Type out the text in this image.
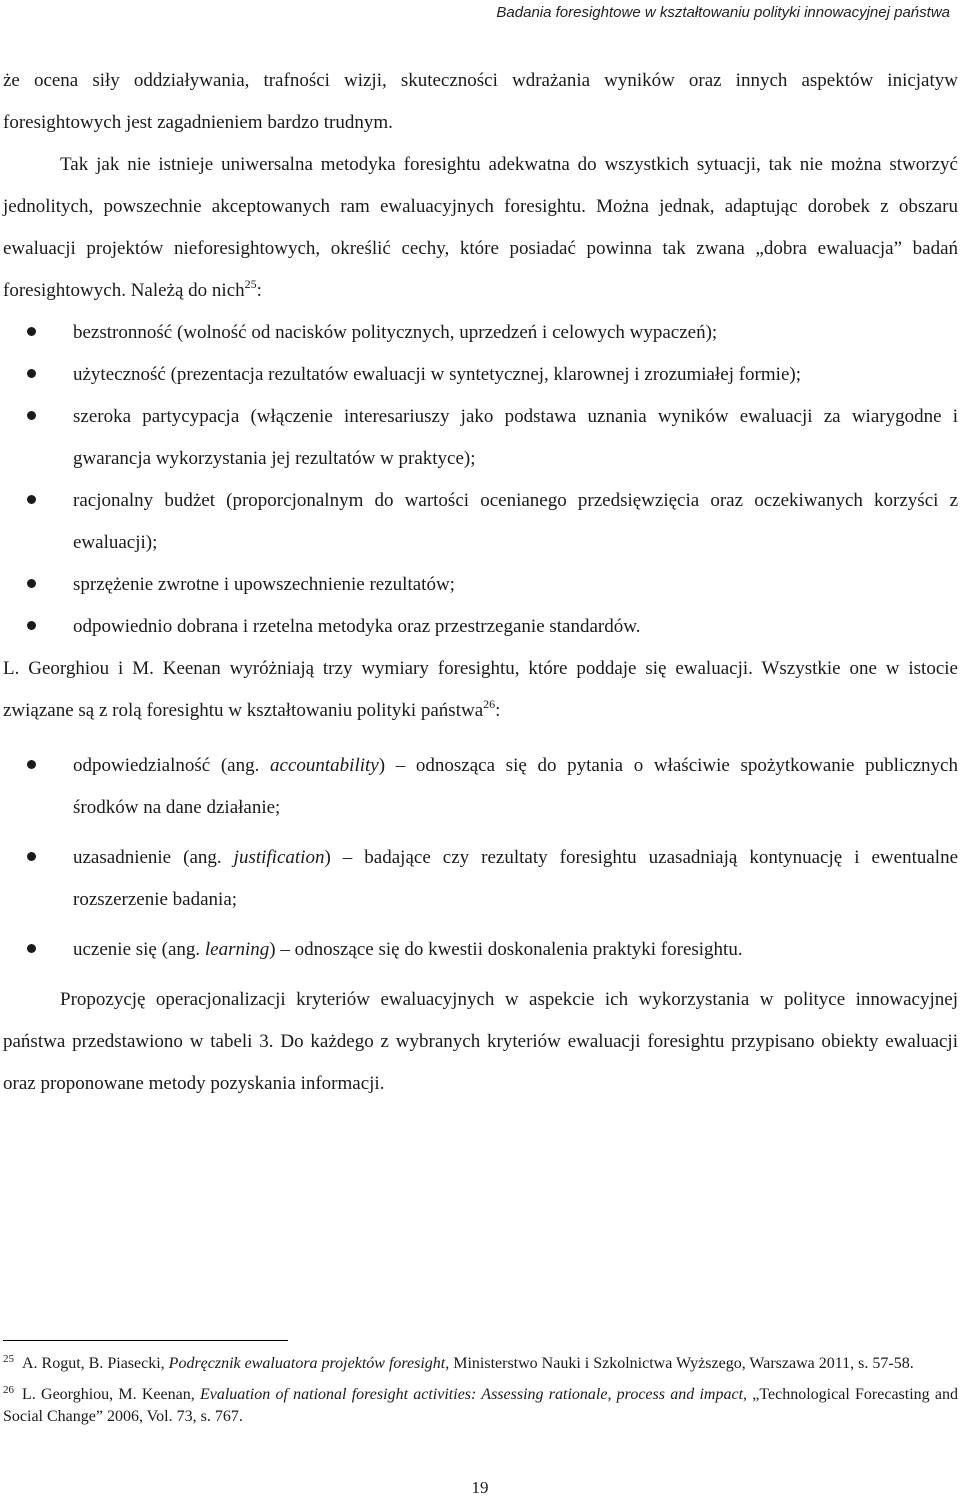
Badania foresightowe w kształtowaniu polityki innowacyjnej państwa

że ocena siły oddziaływania, trafności wizji, skuteczności wdrażania wyników oraz innych aspektów inicjatyw foresightowych jest zagadnieniem bardzo trudnym.

Tak jak nie istnieje uniwersalna metodyka foresightu adekwatna do wszystkich sytuacji, tak nie można stworzyć jednolitych, powszechnie akceptowanych ram ewaluacyjnych foresightu. Można jednak, adaptując dorobek z obszaru ewaluacji projektów nieforesightowych, określić cechy, które posiadać powinna tak zwana „dobra ewaluacja” badań foresightowych. Należą do nich$^{25}$:

bezstronność (wolność od nacisków politycznych, uprzedzeń i celowych wypaczeń);
użyteczność (prezentacja rezultatów ewaluacji w syntetycznej, klarownej i zrozumiałej formie);
szeroka partycypacja (włączenie interesariuszy jako podstawa uznania wyników ewaluacji za wiarygodne i gwarancja wykorzystania jej rezultatów w praktyce);
racjonalny budżet (proporcjonalnym do wartości ocenianego przedsięwzięcia oraz oczekiwanych korzyści z ewaluacji);
sprzężenie zwrotne i upowszechnienie rezultatów;
odpowiednio dobrana i rzetelna metodyka oraz przestrzeganie standardów.

L. Georghiou i M. Keenan wyróżniają trzy wymiary foresightu, które poddaje się ewaluacji. Wszystkie one w istocie związane są z rolą foresightu w kształtowaniu polityki państwa$^{26}$:

odpowiedzialność (ang. accountability) – odnosząca się do pytania o właściwie spożytkowanie publicznych środków na dane działanie;
uzasadnienie (ang. justification) – badające czy rezultaty foresightu uzasadniają kontynuację i ewentualne rozszerzenie badania;
uczenie się (ang. learning) – odnoszące się do kwestii doskonalenia praktyki foresightu.

Propozycję operacjonalizacji kryteriów ewaluacyjnych w aspekcie ich wykorzystania w polityce innowacyjnej państwa przedstawiono w tabeli 3. Do każdego z wybranych kryteriów ewaluacji foresightu przypisano obiekty ewaluacji oraz proponowane metody pozyskania informacji.

$^{25}$ A. Rogut, B. Piasecki, Podręcznik ewaluatora projektów foresight, Ministerstwo Nauki i Szkolnictwa Wyższego, Warszawa 2011, s. 57-58.
$^{26}$ L. Georghiou, M. Keenan, Evaluation of national foresight activities: Assessing rationale, process and impact, „Technological Forecasting and Social Change” 2006, Vol. 73, s. 767.
19
